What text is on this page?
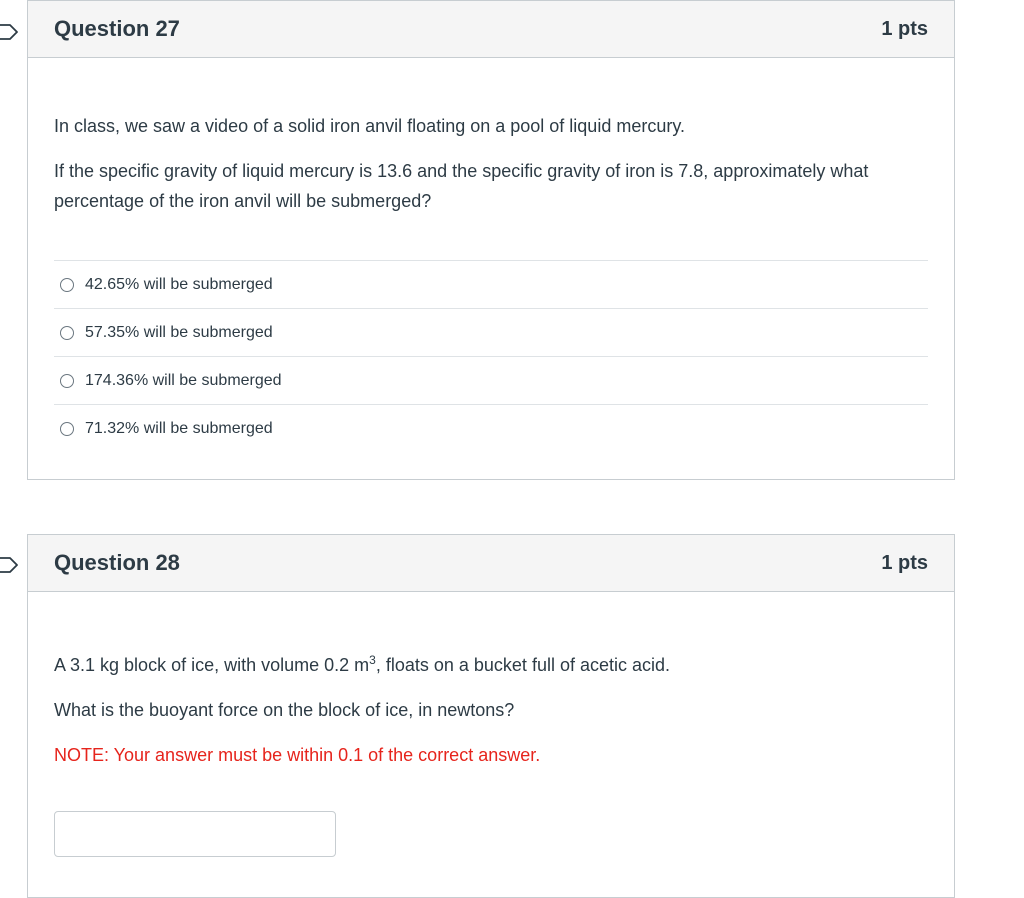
Question 27	1 pts

In class, we saw a video of a solid iron anvil floating on a pool of liquid mercury.

If the specific gravity of liquid mercury is 13.6 and the specific gravity of iron is 7.8, approximately what percentage of the iron anvil will be submerged?

42.65% will be submerged
57.35% will be submerged
174.36% will be submerged
71.32% will be submerged
Question 28	1 pts

A 3.1 kg block of ice, with volume 0.2 $m^3$, floats on a bucket full of acetic acid.

What is the buoyant force on the block of ice, in newtons?

NOTE: Your answer must be within 0.1 of the correct answer.
